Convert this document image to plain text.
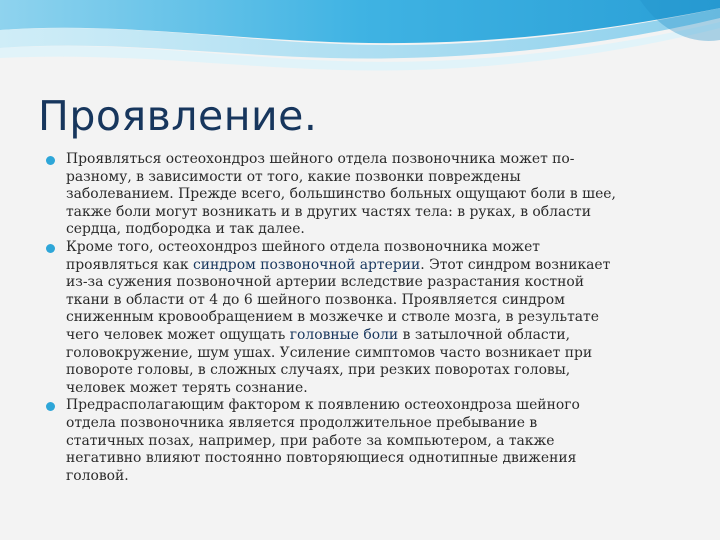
Проявление.
Проявляться остеохондроз шейного отдела позвоночника может по-
разному, в зависимости от того, какие позвонки повреждены
заболеванием. Прежде всего, большинство больных ощущают боли в шее,
также боли могут возникать и в других частях тела: в руках, в области
сердца, подбородка и так далее.
Кроме того, остеохондроз шейного отдела позвоночника может
проявляться как синдром позвоночной артерии. Этот синдром возникает
из-за сужения позвоночной артерии вследствие разрастания костной
ткани в области от 4 до 6 шейного позвонка. Проявляется синдром
сниженным кровообращением в мозжечке и стволе мозга, в результате
чего человек может ощущать головные боли в затылочной области,
головокружение, шум ушах. Усиление симптомов часто возникает при
повороте головы, в сложных случаях, при резких поворотах головы,
человек может терять сознание.
Предрасполагающим фактором к появлению остеохондроза шейного
отдела позвоночника является продолжительное пребывание в
статичных позах, например, при работе за компьютером, а также
негативно влияют постоянно повторяющиеся однотипные движения
головой.
